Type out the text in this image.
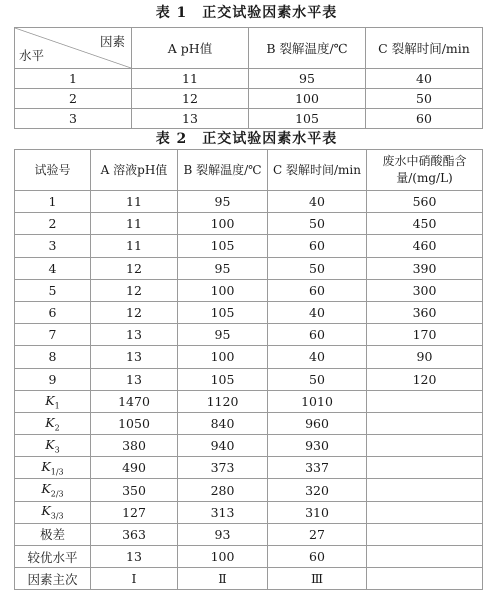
表 1　正交试验因素水平表
因素
水平	A pH值	B 裂解温度/℃	C 裂解时间/min
1	11	95	40
2	12	100	50
3	13	105	60
表 2　正交试验因素水平表
试验号	A 溶液pH值	B 裂解温度/℃	C 裂解时间/min	废水中硝酸酯含量/(mg/L)
1	11	95	40	560
2	11	100	50	450
3	11	105	60	460
4	12	95	50	390
5	12	100	60	300
6	12	105	40	360
7	13	95	60	170
8	13	100	40	90
9	13	105	50	120
$K_1$	1470	1120	1010	
$K_2$	1050	840	960	
$K_3$	380	940	930	
$K_{1/3}$	490	373	337	
$K_{2/3}$	350	280	320	
$K_{3/3}$	127	313	310	
极差	363	93	27	
较优水平	13	100	60	
因素主次	Ⅰ	Ⅱ	Ⅲ	
